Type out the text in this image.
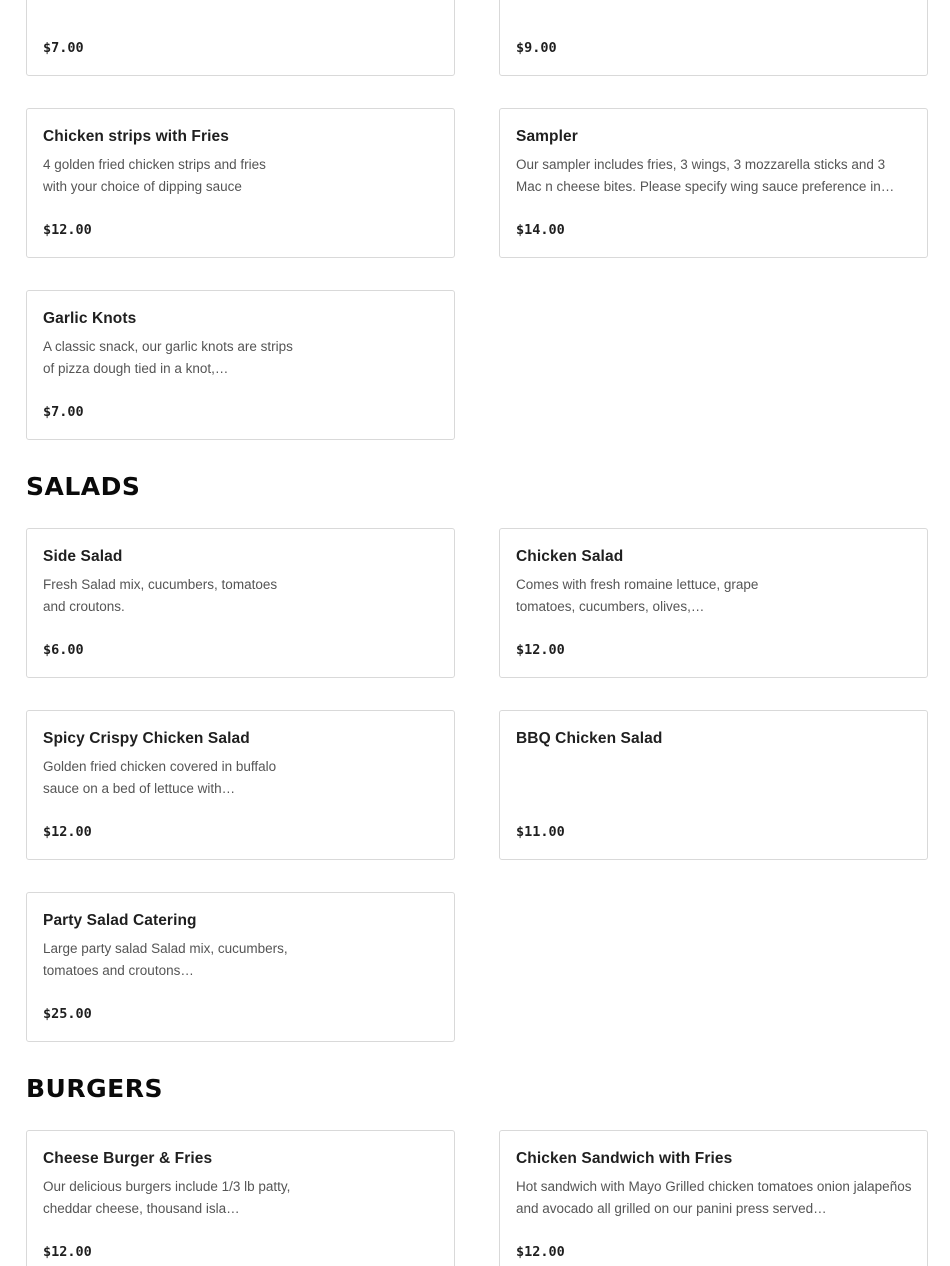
$7.00	$9.00
Chicken strips with Fries
4 golden fried chicken strips and fries with your choice of dipping sauce
$12.00
Sampler
Our sampler includes fries, 3 wings, 3 mozzarella sticks and 3 Mac n cheese bites. Please specify wing sauce preference in…
$14.00
Garlic Knots
A classic snack, our garlic knots are strips of pizza dough tied in a knot,…
$7.00
SALADS
Side Salad
Fresh Salad mix, cucumbers, tomatoes and croutons.
$6.00
Chicken Salad
Comes with fresh romaine lettuce, grape tomatoes, cucumbers, olives,…
$12.00
Spicy Crispy Chicken Salad
Golden fried chicken covered in buffalo sauce on a bed of lettuce with…
$12.00
BBQ Chicken Salad
$11.00
Party Salad Catering
Large party salad Salad mix, cucumbers, tomatoes and croutons…
$25.00
BURGERS
Cheese Burger & Fries
Our delicious burgers include 1/3 lb patty, cheddar cheese, thousand isla…
$12.00
Chicken Sandwich with Fries
Hot sandwich with Mayo Grilled chicken tomatoes onion jalapeños and avocado all grilled on our panini press served…
$12.00
